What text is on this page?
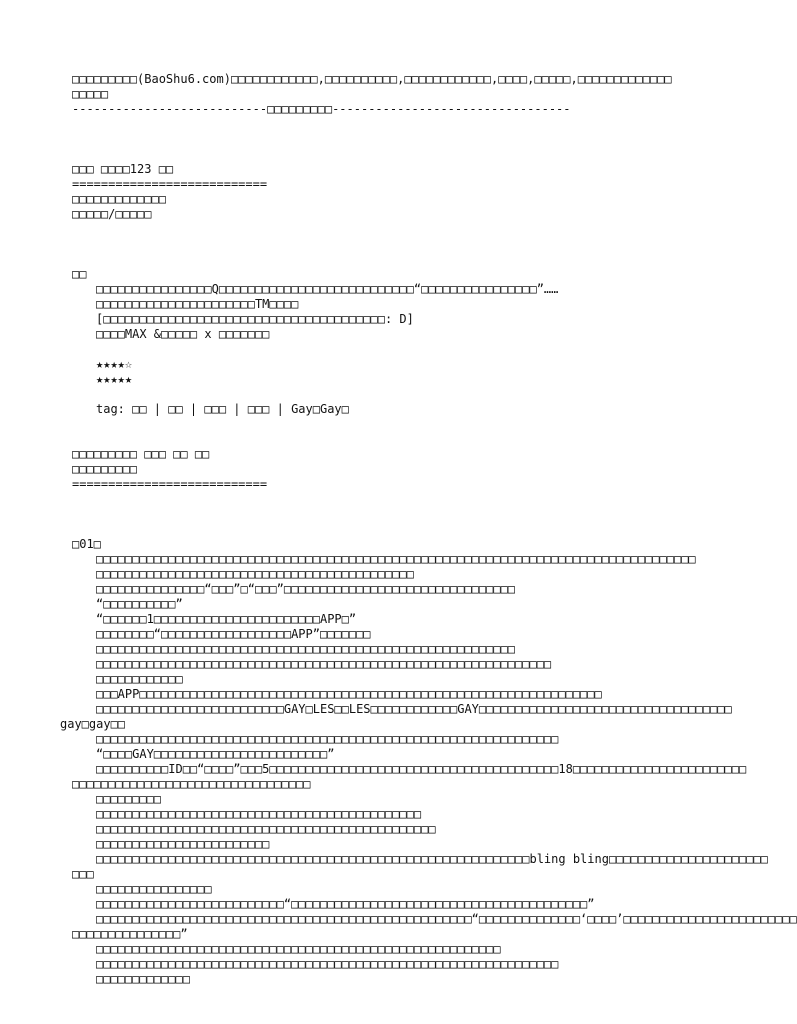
□□□□□□□□□(BaoShu6.com)□□□□□□□□□□□□,□□□□□□□□□□,□□□□□□□□□□□□,□□□□,□□□□□,□□□□□□□□□□□□□
□□□□□
---------------------------□□□□□□□□□---------------------------------
□□□ □□□□123 □□
===========================
□□□□□□□□□□□□□
□□□□□/□□□□□
□□
□□□□□□□□□□□□□□□□Q□□□□□□□□□□□□□□□□□□□□□□□□□□□“□□□□□□□□□□□□□□□□”……
□□□□□□□□□□□□□□□□□□□□□□TM□□□□
[□□□□□□□□□□□□□□□□□□□□□□□□□□□□□□□□□□□□□□□: D]
□□□□MAX &□□□□□ x □□□□□□□
★★★★☆
★★★★★
tag: □□ | □□ | □□□ | □□□ | Gay□Gay□
□□□□□□□□□ □□□ □□ □□
□□□□□□□□□
===========================
□01□
□□□□□□□□□□□□□□□□□□□□□□□□□□□□□□□□□□□□□□□□□□□□□□□□□□□□□□□□□□□□□□□□□□□□□□□□□□□□□□□□□□□
□□□□□□□□□□□□□□□□□□□□□□□□□□□□□□□□□□□□□□□□□□□□
□□□□□□□□□□□□□□□“□□□”□“□□□”□□□□□□□□□□□□□□□□□□□□□□□□□□□□□□□□
“□□□□□□□□□□”
“□□□□□□1□□□□□□□□□□□□□□□□□□□□□□□APP□”
□□□□□□□□“□□□□□□□□□□□□□□□□□□APP”□□□□□□□
□□□□□□□□□□□□□□□□□□□□□□□□□□□□□□□□□□□□□□□□□□□□□□□□□□□□□□□□□□
□□□□□□□□□□□□□□□□□□□□□□□□□□□□□□□□□□□□□□□□□□□□□□□□□□□□□□□□□□□□□□□
□□□□□□□□□□□□
□□□APP□□□□□□□□□□□□□□□□□□□□□□□□□□□□□□□□□□□□□□□□□□□□□□□□□□□□□□□□□□□□□□□□
□□□□□□□□□□□□□□□□□□□□□□□□□□GAY□LES□□LES□□□□□□□□□□□□GAY□□□□□□□□□□□□□□□□□□□□□□□□□□□□□□□□□□□
gay□gay□□
□□□□□□□□□□□□□□□□□□□□□□□□□□□□□□□□□□□□□□□□□□□□□□□□□□□□□□□□□□□□□□□□
“□□□□GAY□□□□□□□□□□□□□□□□□□□□□□□□”
□□□□□□□□□□ID□□“□□□□”□□□5□□□□□□□□□□□□□□□□□□□□□□□□□□□□□□□□□□□□□□□□18□□□□□□□□□□□□□□□□□□□□□□□□
□□□□□□□□□□□□□□□□□□□□□□□□□□□□□□□□□
□□□□□□□□□
□□□□□□□□□□□□□□□□□□□□□□□□□□□□□□□□□□□□□□□□□□□□□
□□□□□□□□□□□□□□□□□□□□□□□□□□□□□□□□□□□□□□□□□□□□□□□
□□□□□□□□□□□□□□□□□□□□□□□□
□□□□□□□□□□□□□□□□□□□□□□□□□□□□□□□□□□□□□□□□□□□□□□□□□□□□□□□□□□□□bling bling□□□□□□□□□□□□□□□□□□□□□□
□□□
□□□□□□□□□□□□□□□□
□□□□□□□□□□□□□□□□□□□□□□□□□□“□□□□□□□□□□□□□□□□□□□□□□□□□□□□□□□□□□□□□□□□□”
□□□□□□□□□□□□□□□□□□□□□□□□□□□□□□□□□□□□□□□□□□□□□□□□□□□□“□□□□□□□□□□□□□□‘□□□□’□□□□□□□□□□□□□□□□□□□□□□□□
□□□□□□□□□□□□□□□”
□□□□□□□□□□□□□□□□□□□□□□□□□□□□□□□□□□□□□□□□□□□□□□□□□□□□□□□□
□□□□□□□□□□□□□□□□□□□□□□□□□□□□□□□□□□□□□□□□□□□□□□□□□□□□□□□□□□□□□□□□
□□□□□□□□□□□□□
